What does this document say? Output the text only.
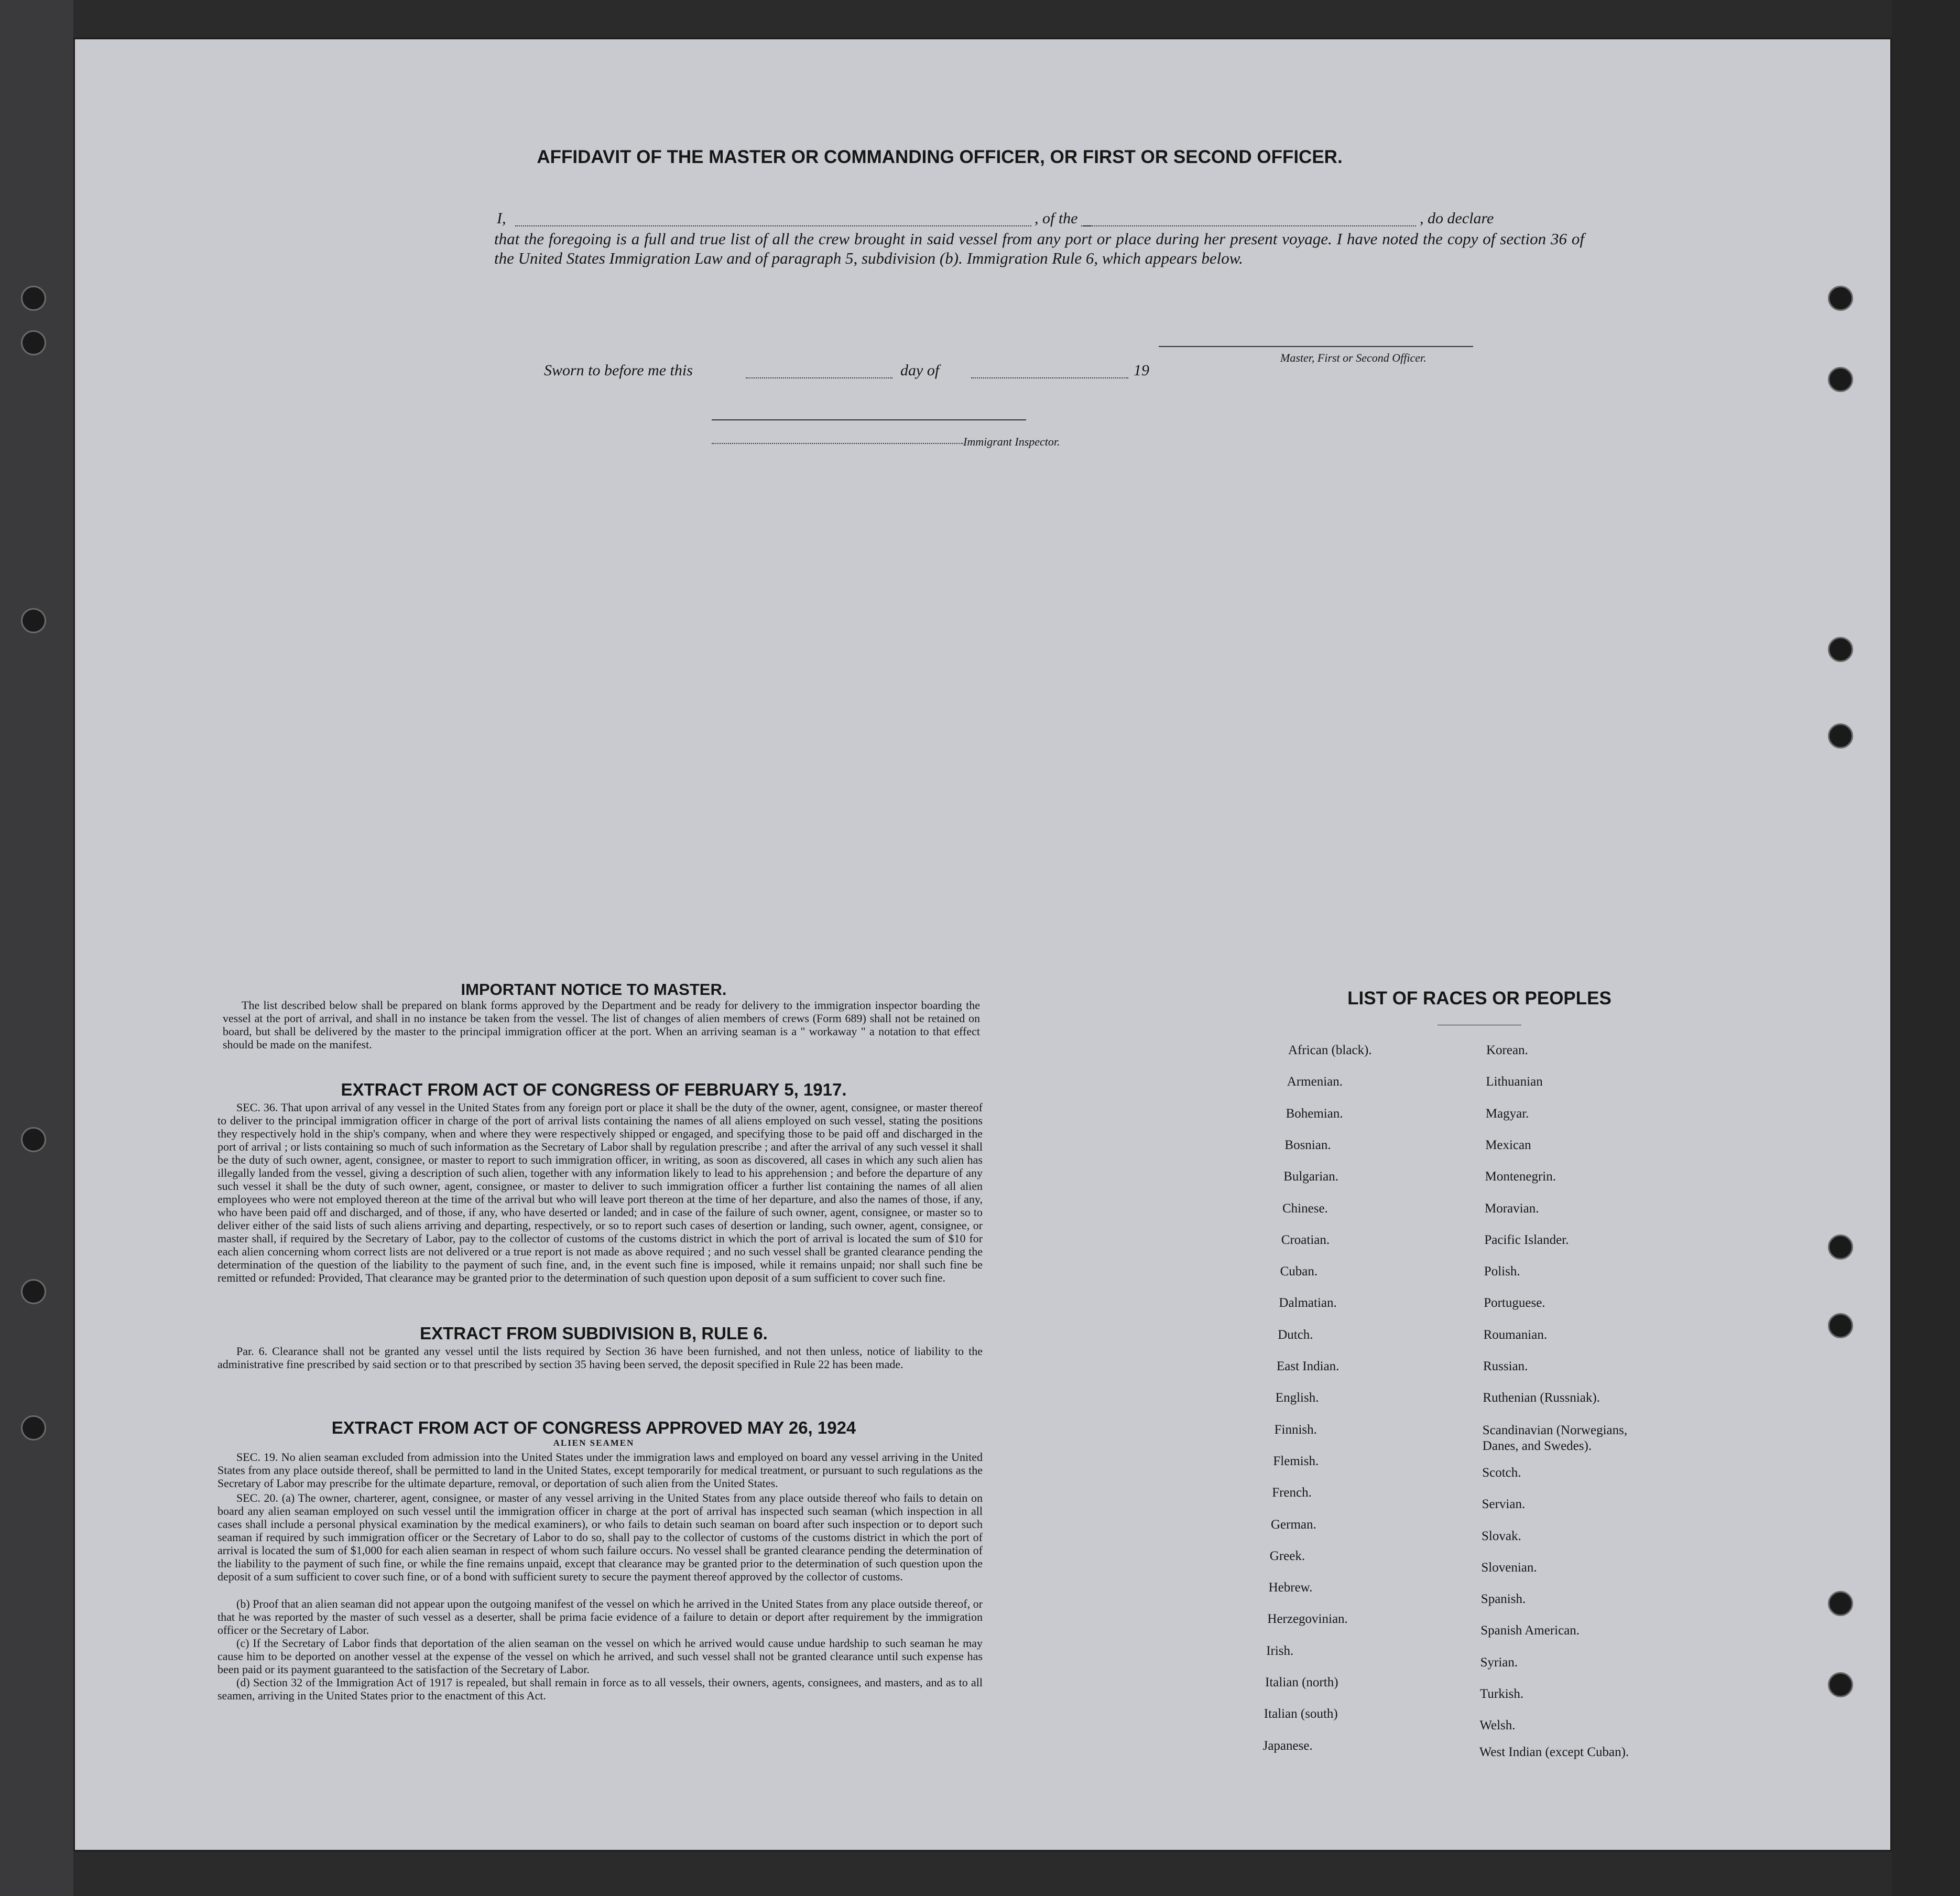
AFFIDAVIT OF THE MASTER OR COMMANDING OFFICER, OR FIRST OR SECOND OFFICER.
I,	, of the	, do declare
that the foregoing is a full and true list of all the crew brought in said vessel from any port or place during her present voyage. I have noted the copy of section 36 of the United States Immigration Law and of paragraph 5, subdivision (b). Immigration Rule 6, which appears below.
Master, First or Second Officer.
Sworn to before me this	day of	19
Immigrant Inspector.
IMPORTANT NOTICE TO MASTER.
The list described below shall be prepared on blank forms approved by the Department and be ready for delivery to the immigration inspector boarding the vessel at the port of arrival, and shall in no instance be taken from the vessel. The list of changes of alien members of crews (Form 689) shall not be retained on board, but shall be delivered by the master to the principal immigration officer at the port. When an arriving seaman is a " workaway " a notation to that effect should be made on the manifest.
EXTRACT FROM ACT OF CONGRESS OF FEBRUARY 5, 1917.
SEC. 36. That upon arrival of any vessel in the United States from any foreign port or place it shall be the duty of the owner, agent, consignee, or master thereof to deliver to the principal immigration officer in charge of the port of arrival lists containing the names of all aliens employed on such vessel, stating the positions they respectively hold in the ship's company, when and where they were respectively shipped or engaged, and specifying those to be paid off and discharged in the port of arrival ; or lists containing so much of such information as the Secretary of Labor shall by regulation prescribe ; and after the arrival of any such vessel it shall be the duty of such owner, agent, consignee, or master to report to such immigration officer, in writing, as soon as discovered, all cases in which any such alien has illegally landed from the vessel, giving a description of such alien, together with any information likely to lead to his apprehension ; and before the departure of any such vessel it shall be the duty of such owner, agent, consignee, or master to deliver to such immigration officer a further list containing the names of all alien employees who were not employed thereon at the time of the arrival but who will leave port thereon at the time of her departure, and also the names of those, if any, who have been paid off and discharged, and of those, if any, who have deserted or landed; and in case of the failure of such owner, agent, consignee, or master so to deliver either of the said lists of such aliens arriving and departing, respectively, or so to report such cases of desertion or landing, such owner, agent, consignee, or master shall, if required by the Secretary of Labor, pay to the collector of customs of the customs district in which the port of arrival is located the sum of $10 for each alien concerning whom correct lists are not delivered or a true report is not made as above required ; and no such vessel shall be granted clearance pending the determination of the question of the liability to the payment of such fine, and, in the event such fine is imposed, while it remains unpaid; nor shall such fine be remitted or refunded: Provided, That clearance may be granted prior to the determination of such question upon deposit of a sum sufficient to cover such fine.
EXTRACT FROM SUBDIVISION B, RULE 6.
Par. 6. Clearance shall not be granted any vessel until the lists required by Section 36 have been furnished, and not then unless, notice of liability to the administrative fine prescribed by said section or to that prescribed by section 35 having been served, the deposit specified in Rule 22 has been made.
EXTRACT FROM ACT OF CONGRESS APPROVED MAY 26, 1924
ALIEN SEAMEN
SEC. 19. No alien seaman excluded from admission into the United States under the immigration laws and employed on board any vessel arriving in the United States from any place outside thereof, shall be permitted to land in the United States, except temporarily for medical treatment, or pursuant to such regulations as the Secretary of Labor may prescribe for the ultimate departure, removal, or deportation of such alien from the United States.
SEC. 20. (a) The owner, charterer, agent, consignee, or master of any vessel arriving in the United States from any place outside thereof who fails to detain on board any alien seaman employed on such vessel until the immigration officer in charge at the port of arrival has inspected such seaman (which inspection in all cases shall include a personal physical examination by the medical examiners), or who fails to detain such seaman on board after such inspection or to deport such seaman if required by such immigration officer or the Secretary of Labor to do so, shall pay to the collector of customs of the customs district in which the port of arrival is located the sum of $1,000 for each alien seaman in respect of whom such failure occurs. No vessel shall be granted clearance pending the determination of the liability to the payment of such fine, or while the fine remains unpaid, except that clearance may be granted prior to the determination of such question upon the deposit of a sum sufficient to cover such fine, or of a bond with sufficient surety to secure the payment thereof approved by the collector of customs.
(b) Proof that an alien seaman did not appear upon the outgoing manifest of the vessel on which he arrived in the United States from any place outside thereof, or that he was reported by the master of such vessel as a deserter, shall be prima facie evidence of a failure to detain or deport after requirement by the immigration officer or the Secretary of Labor.
(c) If the Secretary of Labor finds that deportation of the alien seaman on the vessel on which he arrived would cause undue hardship to such seaman he may cause him to be deported on another vessel at the expense of the vessel on which he arrived, and such vessel shall not be granted clearance until such expense has been paid or its payment guaranteed to the satisfaction of the Secretary of Labor.
(d) Section 32 of the Immigration Act of 1917 is repealed, but shall remain in force as to all vessels, their owners, agents, consignees, and masters, and as to all seamen, arriving in the United States prior to the enactment of this Act.
LIST OF RACES OR PEOPLES
African (black).
Armenian.
Bohemian.
Bosnian.
Bulgarian.
Chinese.
Croatian.
Cuban.
Dalmatian.
Dutch.
East Indian.
English.
Finnish.
Flemish.
French.
German.
Greek.
Hebrew.
Herzegovinian.
Irish.
Italian (north)
Italian (south)
Japanese.
Korean.
Lithuanian
Magyar.
Mexican
Montenegrin.
Moravian.
Pacific Islander.
Polish.
Portuguese.
Roumanian.
Russian.
Ruthenian (Russniak).
Scandinavian (Norwegians, Danes, and Swedes).
Scotch.
Servian.
Slovak.
Slovenian.
Spanish.
Spanish American.
Syrian.
Turkish.
Welsh.
West Indian (except Cuban).
